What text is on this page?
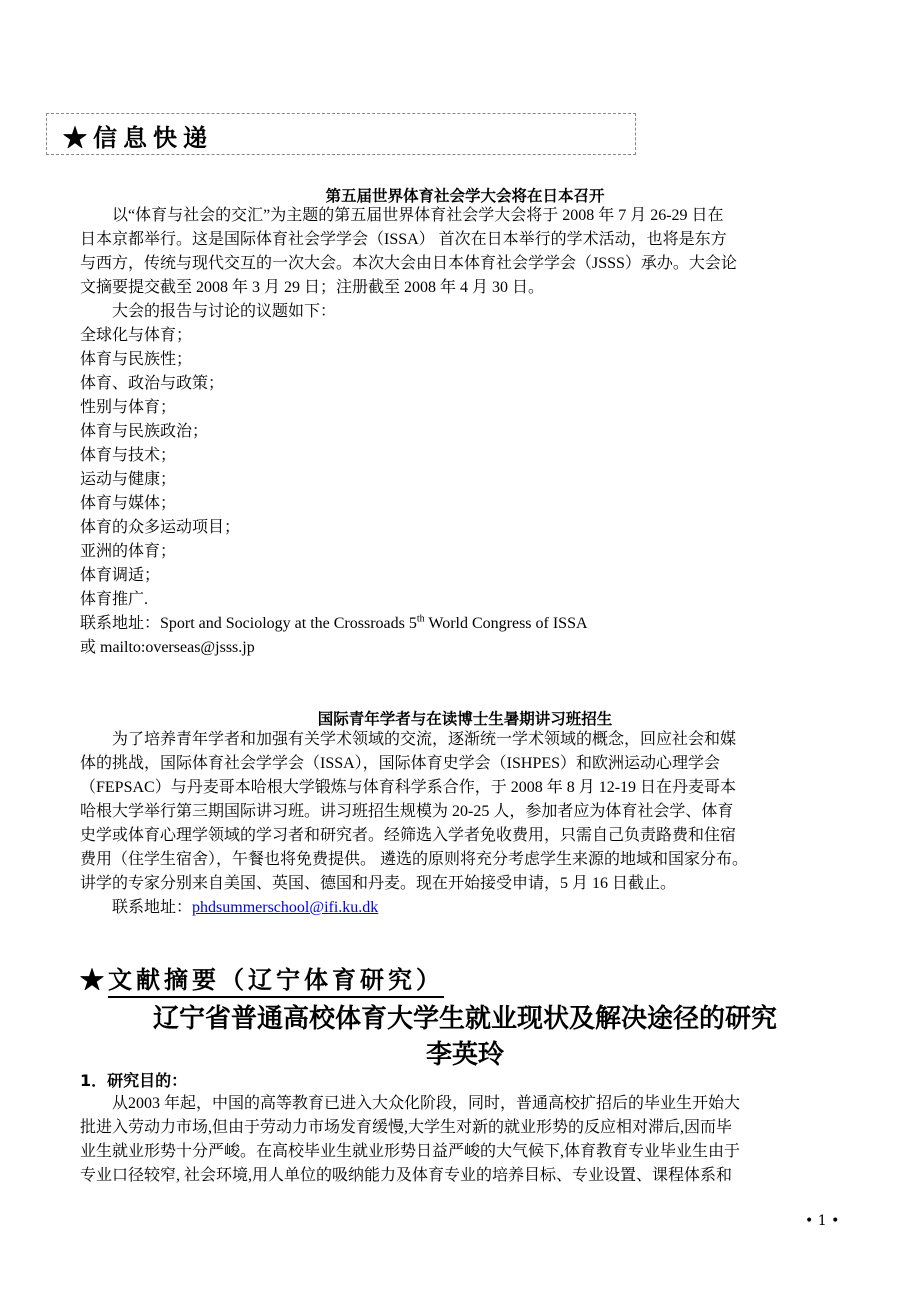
★信息快递
第五届世界体育社会学大会将在日本召开
以“体育与社会的交汇”为主题的第五届世界体育社会学大会将于 2008 年 7 月 26-29 日在
日本京都举行。这是国际体育社会学学会（ISSA） 首次在日本举行的学术活动，也将是东方
与西方，传统与现代交互的一次大会。本次大会由日本体育社会学学会（JSSS）承办。大会论
文摘要提交截至 2008 年 3 月 29 日；注册截至 2008 年 4 月 30 日。
大会的报告与讨论的议题如下：
全球化与体育；
体育与民族性；
体育、政治与政策；
性别与体育；
体育与民族政治；
体育与技术；
运动与健康；
体育与媒体；
体育的众多运动项目；
亚洲的体育；
体育调适；
体育推广.
联系地址：Sport and Sociology at the Crossroads 5th World Congress of ISSA
或 mailto:overseas@jsss.jp
国际青年学者与在读博士生暑期讲习班招生
为了培养青年学者和加强有关学术领域的交流，逐渐统一学术领域的概念，回应社会和媒
体的挑战，国际体育社会学学会（ISSA），国际体育史学会（ISHPES）和欧洲运动心理学会
（FEPSAC）与丹麦哥本哈根大学锻炼与体育科学系合作，于 2008 年 8 月 12-19 日在丹麦哥本
哈根大学举行第三期国际讲习班。讲习班招生规模为 20-25 人，参加者应为体育社会学、体育
史学或体育心理学领域的学习者和研究者。经筛选入学者免收费用，只需自己负责路费和住宿
费用（住学生宿舍），午餐也将免费提供。 遴选的原则将充分考虑学生来源的地域和国家分布。
讲学的专家分别来自美国、英国、德国和丹麦。现在开始接受申请，5 月 16 日截止。
联系地址：phdsummerschool@ifi.ku.dk
★文献摘要（辽宁体育研究）
辽宁省普通高校体育大学生就业现状及解决途径的研究
李英玲
1．研究目的：
从2003 年起，中国的高等教育已进入大众化阶段，同时，普通高校扩招后的毕业生开始大
批进入劳动力市场,但由于劳动力市场发育缓慢,大学生对新的就业形势的反应相对滞后,因而毕
业生就业形势十分严峻。在高校毕业生就业形势日益严峻的大气候下,体育教育专业毕业生由于
专业口径较窄, 社会环境,用人单位的吸纳能力及体育专业的培养目标、专业设置、课程体系和
• 1 •
